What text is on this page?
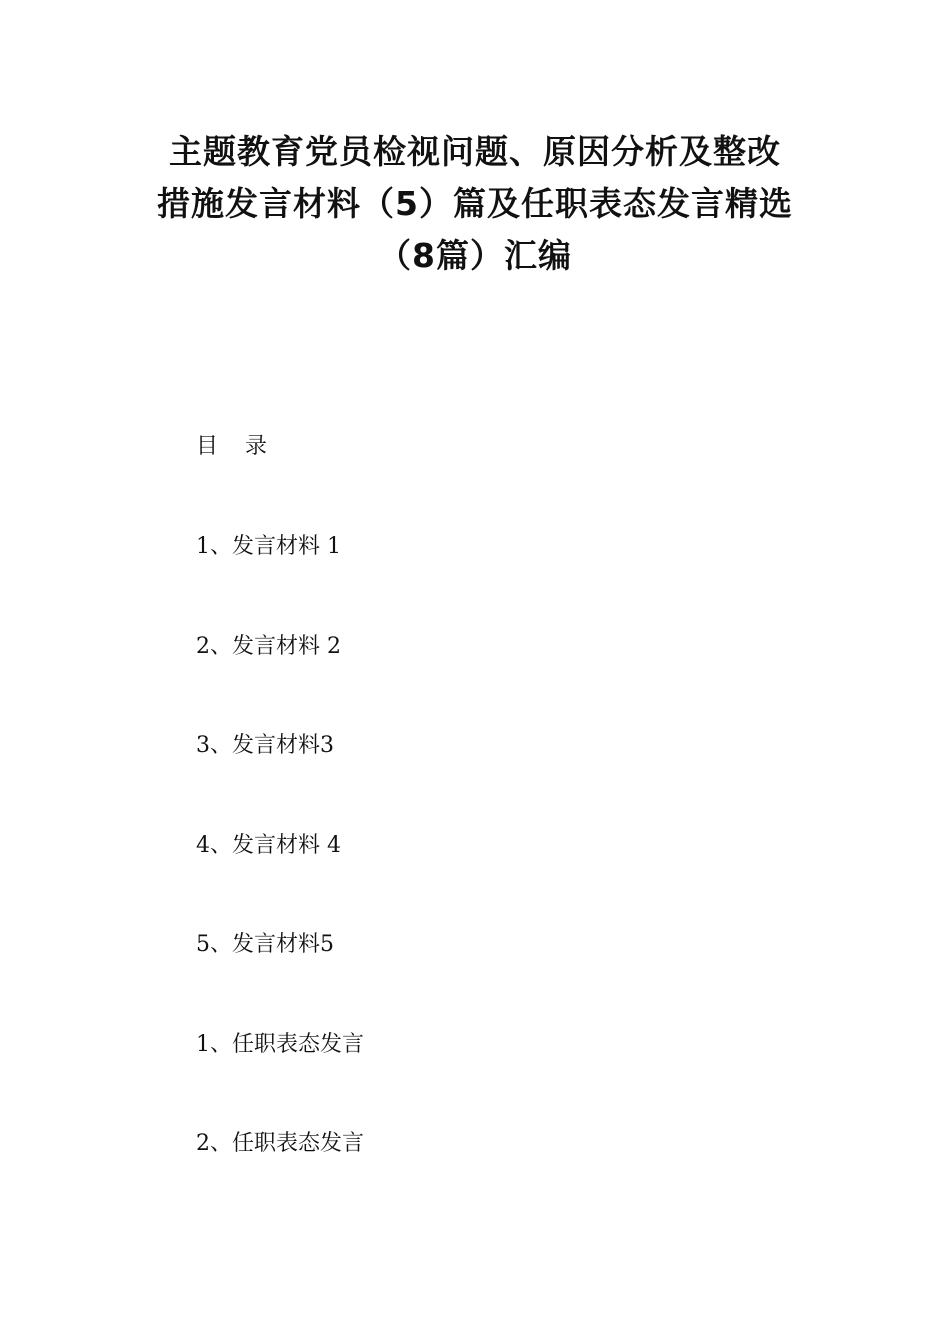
主题教育党员检视问题、原因分析及整改
措施发言材料（5）篇及任职表态发言精选
（8篇）汇编
目 录
1、发言材料 1
2、发言材料 2
3、发言材料3
4、发言材料 4
5、发言材料5
1、任职表态发言
2、任职表态发言
